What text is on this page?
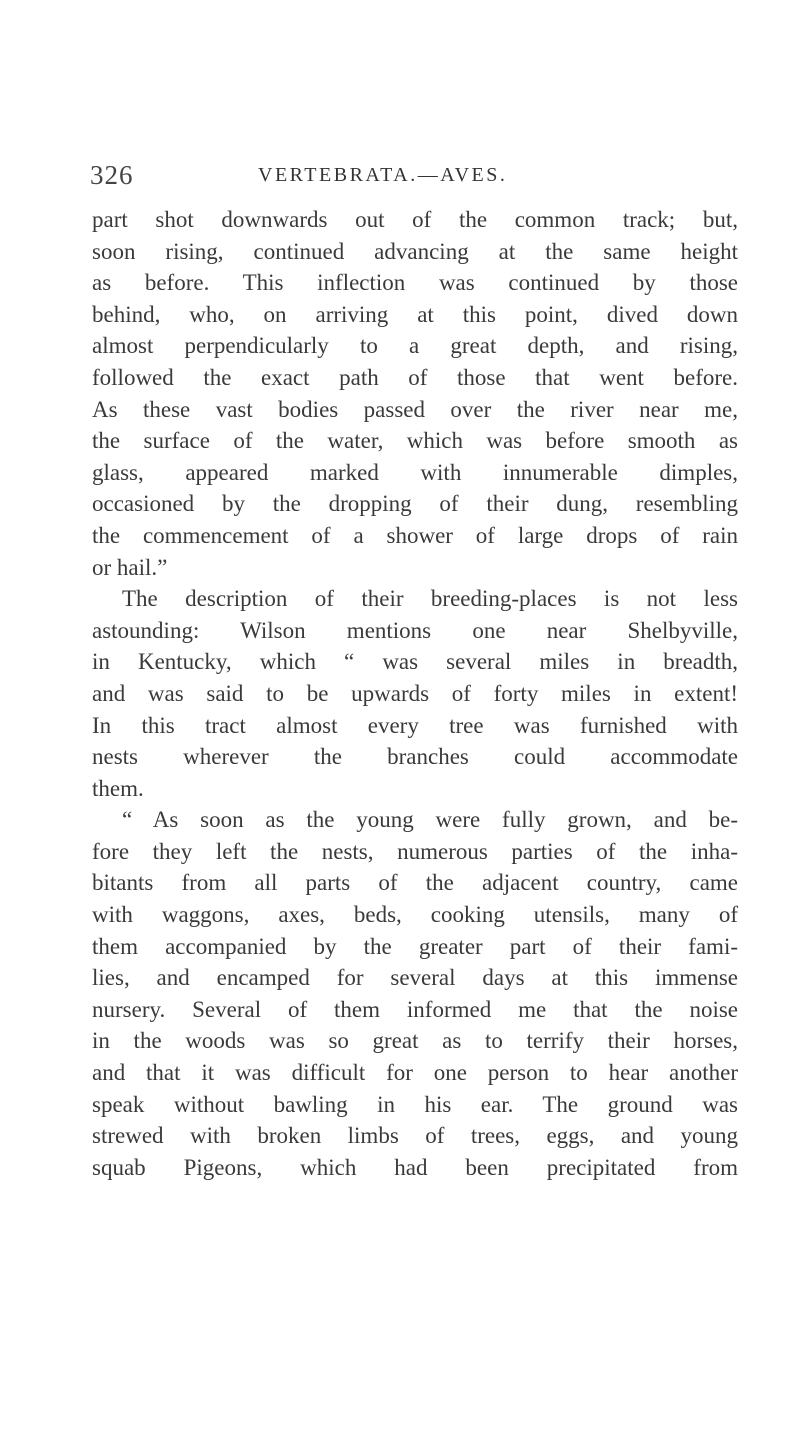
326	VERTEBRATA.—AVES.
part shot downwards out of the common track; but,
soon rising, continued advancing at the same height
as before. This inflection was continued by those
behind, who, on arriving at this point, dived down
almost perpendicularly to a great depth, and rising,
followed the exact path of those that went before.
As these vast bodies passed over the river near me,
the surface of the water, which was before smooth as
glass, appeared marked with innumerable dimples,
occasioned by the dropping of their dung, resembling
the commencement of a shower of large drops of rain
or hail.”
The description of their breeding-places is not less
astounding: Wilson mentions one near Shelbyville,
in Kentucky, which “ was several miles in breadth,
and was said to be upwards of forty miles in extent!
In this tract almost every tree was furnished with
nests wherever the branches could accommodate
them.
“ As soon as the young were fully grown, and be-
fore they left the nests, numerous parties of the inha-
bitants from all parts of the adjacent country, came
with waggons, axes, beds, cooking utensils, many of
them accompanied by the greater part of their fami-
lies, and encamped for several days at this immense
nursery. Several of them informed me that the noise
in the woods was so great as to terrify their horses,
and that it was difficult for one person to hear another
speak without bawling in his ear. The ground was
strewed with broken limbs of trees, eggs, and young
squab Pigeons, which had been precipitated from
